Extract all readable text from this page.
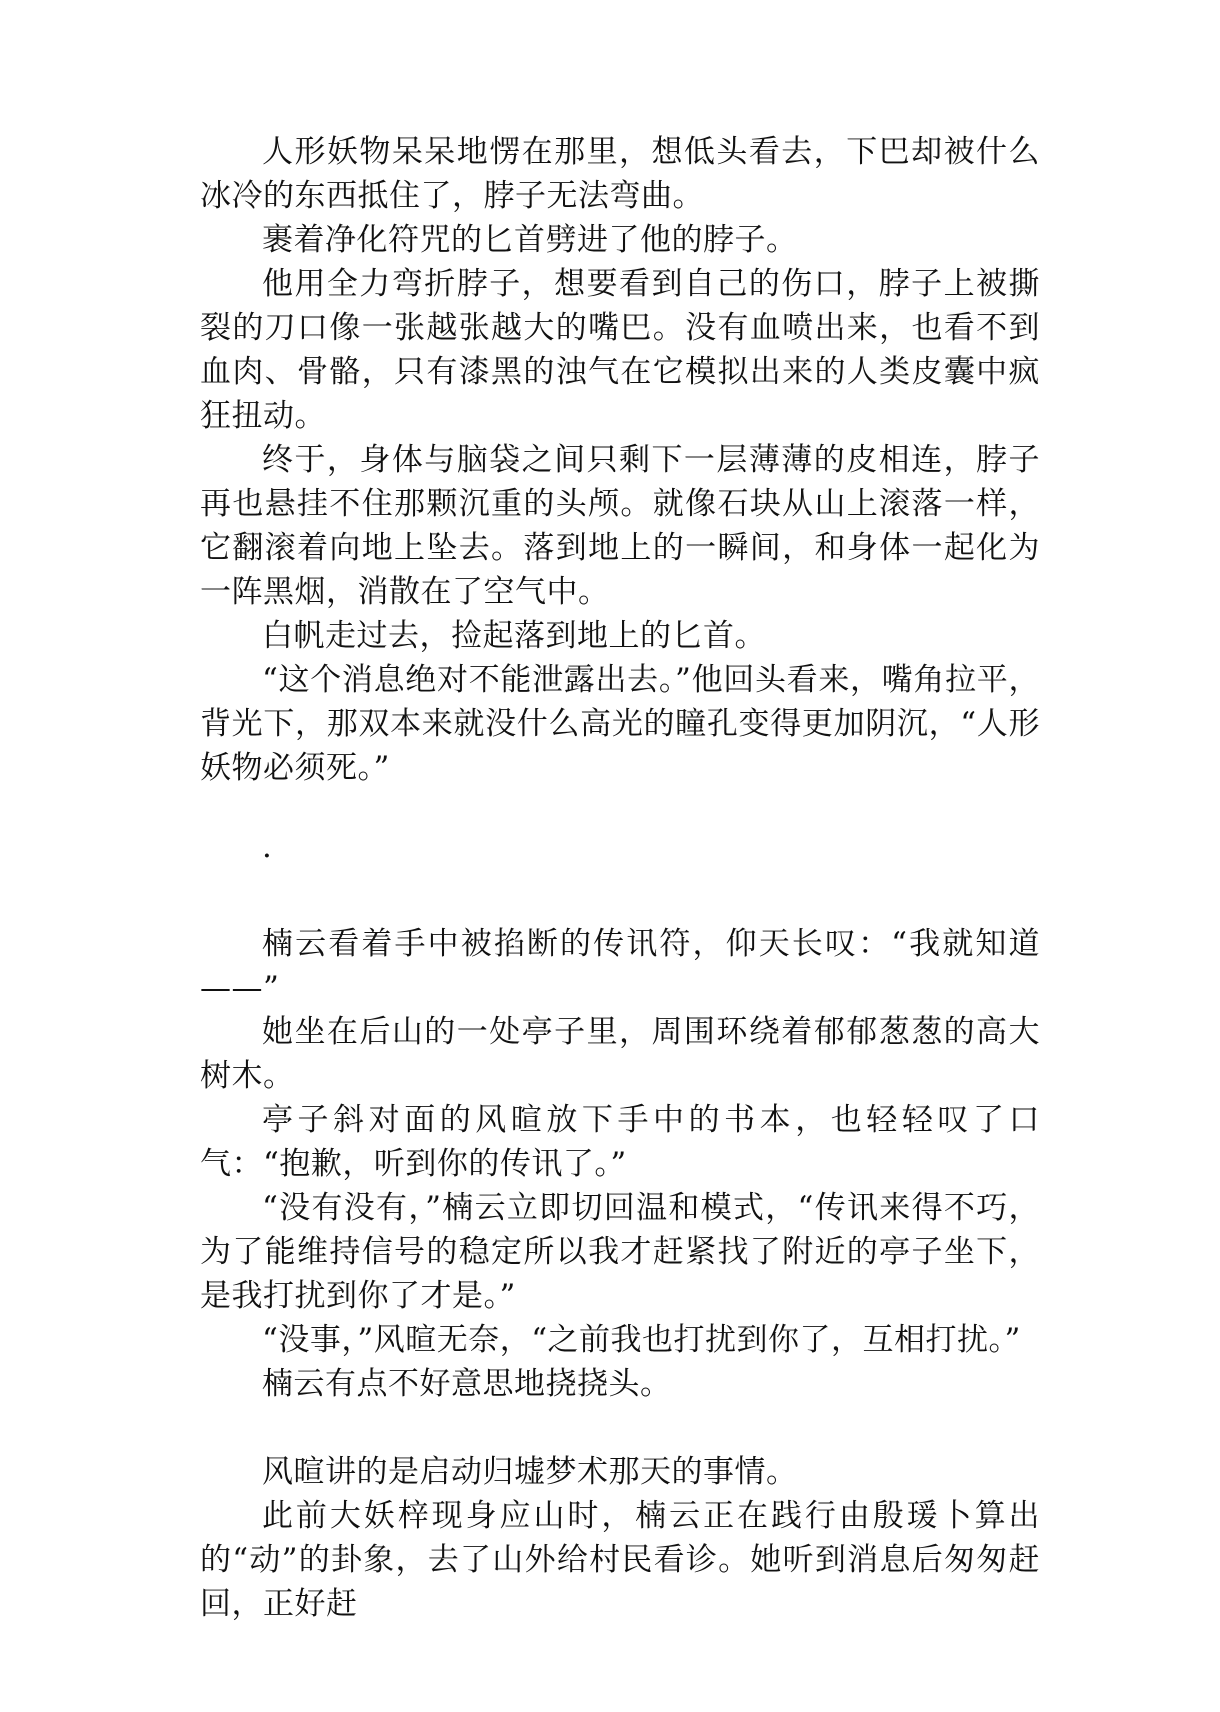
人形妖物呆呆地愣在那里，想低头看去，下巴却被什么冰冷的东西抵住了，脖子无法弯曲。

裹着净化符咒的匕首劈进了他的脖子。

他用全力弯折脖子，想要看到自己的伤口，脖子上被撕裂的刀口像一张越张越大的嘴巴。没有血喷出来，也看不到血肉、骨骼，只有漆黑的浊气在它模拟出来的人类皮囊中疯狂扭动。

终于，身体与脑袋之间只剩下一层薄薄的皮相连，脖子再也悬挂不住那颗沉重的头颅。就像石块从山上滚落一样，它翻滚着向地上坠去。落到地上的一瞬间，和身体一起化为一阵黑烟，消散在了空气中。

白帆走过去，捡起落到地上的匕首。

“这个消息绝对不能泄露出去。”他回头看来，嘴角拉平，背光下，那双本来就没什么高光的瞳孔变得更加阴沉，“人形妖物必须死。”

·

楠云看着手中被掐断的传讯符，仰天长叹：“我就知道——”

她坐在后山的一处亭子里，周围环绕着郁郁葱葱的高大树木。

亭子斜对面的风暄放下手中的书本，也轻轻叹了口气：“抱歉，听到你的传讯了。”

“没有没有，”楠云立即切回温和模式，“传讯来得不巧，为了能维持信号的稳定所以我才赶紧找了附近的亭子坐下，是我打扰到你了才是。”

“没事，”风暄无奈，“之前我也打扰到你了，互相打扰。”

楠云有点不好意思地挠挠头。

风暄讲的是启动归墟梦术那天的事情。

此前大妖梓现身应山时，楠云正在践行由殷瑗卜算出的“动”的卦象，去了山外给村民看诊。她听到消息后匆匆赶回，正好赶
